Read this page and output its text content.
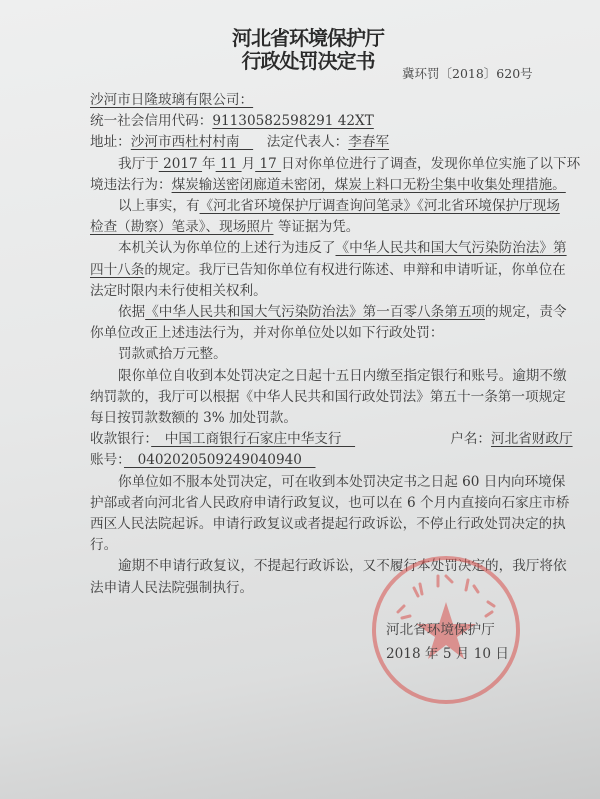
河北省环境保护厅
行政处罚决定书
冀环罚〔2018〕620号
沙河市日隆玻璃有限公司：
统一社会信用代码：91130582598291 42XT
地址：沙河市西杜村村南　　法定代表人：李春军
我厅于 2017 年 11 月 17 日对你单位进行了调查，发现你单位实施了以下环
境违法行为：煤炭输送密闭廊道未密闭，煤炭上料口无粉尘集中收集处理措施。
以上事实，有《河北省环境保护厅调查询问笔录》《河北省环境保护厅现场
检查（勘察）笔录》、现场照片 等证据为凭。
本机关认为你单位的上述行为违反了《中华人民共和国大气污染防治法》第
四十八条的规定。我厅已告知你单位有权进行陈述、申辩和申请听证，你单位在
法定时限内未行使相关权利。
依据《中华人民共和国大气污染防治法》第一百零八条第五项的规定，责令
你单位改正上述违法行为，并对你单位处以如下行政处罚：
罚款贰拾万元整。
限你单位自收到本处罚决定之日起十五日内缴至指定银行和账号。逾期不缴
纳罚款的，我厅可以根据《中华人民共和国行政处罚法》第五十一条第一项规定
每日按罚款数额的 3% 加处罚款。
收款银行：　中国工商银行石家庄中华支行　　　　　　　　户名：河北省财政厅
账号：　0402020509249040940　
你单位如不服本处罚决定，可在收到本处罚决定书之日起 60 日内向环境保
护部或者向河北省人民政府申请行政复议，也可以在 6 个月内直接向石家庄市桥
西区人民法院起诉。申请行政复议或者提起行政诉讼，不停止行政处罚决定的执
行。
逾期不申请行政复议，不提起行政诉讼，又不履行本处罚决定的，我厅将依
法申请人民法院强制执行。
河北省环境保护厅
2018 年 5 月 10 日
